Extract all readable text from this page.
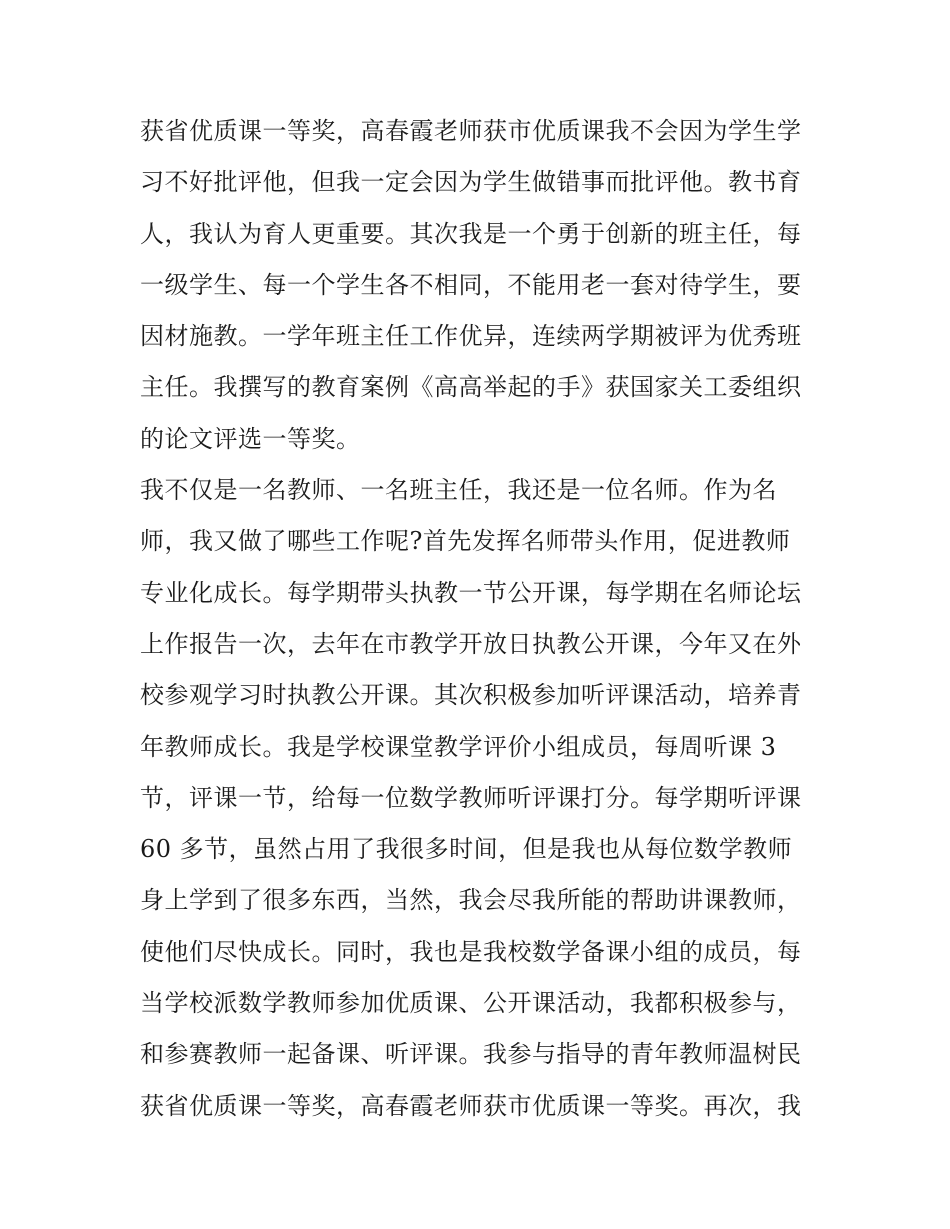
获省优质课一等奖，高春霞老师获市优质课我不会因为学生学
习不好批评他，但我一定会因为学生做错事而批评他。教书育
人，我认为育人更重要。其次我是一个勇于创新的班主任，每
一级学生、每一个学生各不相同，不能用老一套对待学生，要
因材施教。一学年班主任工作优异，连续两学期被评为优秀班
主任。我撰写的教育案例《高高举起的手》获国家关工委组织
的论文评选一等奖。
我不仅是一名教师、一名班主任，我还是一位名师。作为名
师，我又做了哪些工作呢?首先发挥名师带头作用，促进教师
专业化成长。每学期带头执教一节公开课，每学期在名师论坛
上作报告一次，去年在市教学开放日执教公开课，今年又在外
校参观学习时执教公开课。其次积极参加听评课活动，培养青
年教师成长。我是学校课堂教学评价小组成员，每周听课 3
节，评课一节，给每一位数学教师听评课打分。每学期听评课
60 多节，虽然占用了我很多时间，但是我也从每位数学教师
身上学到了很多东西，当然，我会尽我所能的帮助讲课教师，
使他们尽快成长。同时，我也是我校数学备课小组的成员，每
当学校派数学教师参加优质课、公开课活动，我都积极参与，
和参赛教师一起备课、听评课。我参与指导的青年教师温树民
获省优质课一等奖，高春霞老师获市优质课一等奖。再次，我
